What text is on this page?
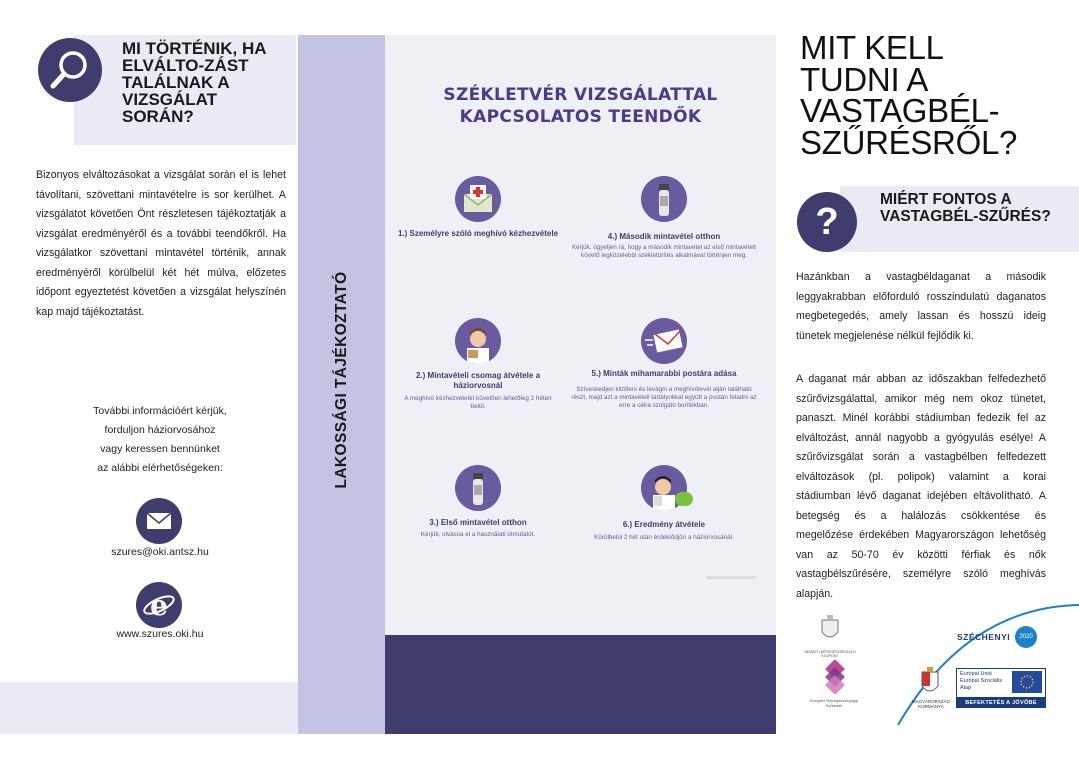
MI TÖRTÉNIK, HA ELVÁLTO-ZÁST TALÁLNAK A VIZSGÁLAT SORÁN?
Bizonyos elváltozásokat a vizsgálat során el is lehet távolítani, szövettani mintavételre is sor kerülhet. A vizsgálatot követően Önt részletesen tájékoztatják a vizsgálat eredményéről és a további teendőkről. Ha vizsgálatkor szövettani mintavétel történik, annak eredményéről körülbelül két hét múlva, előzetes időpont egyeztetést követően a vizsgálat helyszínén kap majd tájékoztatást.
További információért kérjük,
forduljon háziorvosához
vagy keressen bennünket
az alábbi elérhetőségeken:
szures@oki.antsz.hu
e
www.szures.oki.hu
LAKOSSÁGI TÁJÉKOZTATÓ
SZÉKLETVÉR VIZSGÁLATTAL
KAPCSOLATOS TEENDŐK
1.) Személyre szóló meghívó kézhezvétele	4.) Második mintavétel otthon
Kérjük, ügyeljen rá, hogy a második mintavétel az első mintavételt követő legközelebbi székletürítés alkalmával történjen meg.
2.) Mintavételi csomag átvétele a háziorvosnál
A meghívó kézhezvételét követően lehetőleg 2 héten belül.
5.) Minták mihamarabbi postára adása
Szíveskedjen kitölteni és levágni a meghívólevél alján található részt, majd azt a mintavételi tartályokkal együtt a postán feladni az erre a célra szolgáló borítékban.
3.) Első mintavétel otthon
Kérjük, olvassa el a használati útmutatót.
6.) Eredmény átvétele
Körülbelül 2 hét után érdeklődjön a háziorvosánál.
MIT KELL
TUDNI A
VASTAGBÉL-
SZŰRÉSRŐL?
?
MIÉRT FONTOS A VASTAGBÉL-SZŰRÉS?
Hazánkban a vastagbéldaganat a második leggyakrabban előforduló rosszindulatú daganatos megbetegedés, amely lassan és hosszú ideig tünetek megjelenése nélkül fejlődik ki.
A daganat már abban az időszakban felfedezhető szűrővizsgálattal, amikor még nem okoz tünetet, panaszt. Minél korábbi stádiumban fedezik fel az elváltozást, annál nagyobb a gyógyulás esélye! A szűrővizsgálat során a vastagbélben felfedezett elváltozások (pl. polipok) valamint a korai stádiumban lévő daganat idejében eltávolítható. A betegség és a halálozás csökkentése és megelőzése érdekében Magyarországon lehetőség van az 50-70 év közötti férfiak és nők vastagbélszűrésére, személyre szóló meghívás alapján.
SZÉCHENYI	2020
Európai Unió Európai Szociális Alap
BEFEKTETÉS A JÖVŐBE
MAGYARORSZÁG KORMÁNYA
NEMZETI NÉPEGÉSZSÉGÜGYI KÖZPONT
Komplex Népegészségügyi Szűrések
